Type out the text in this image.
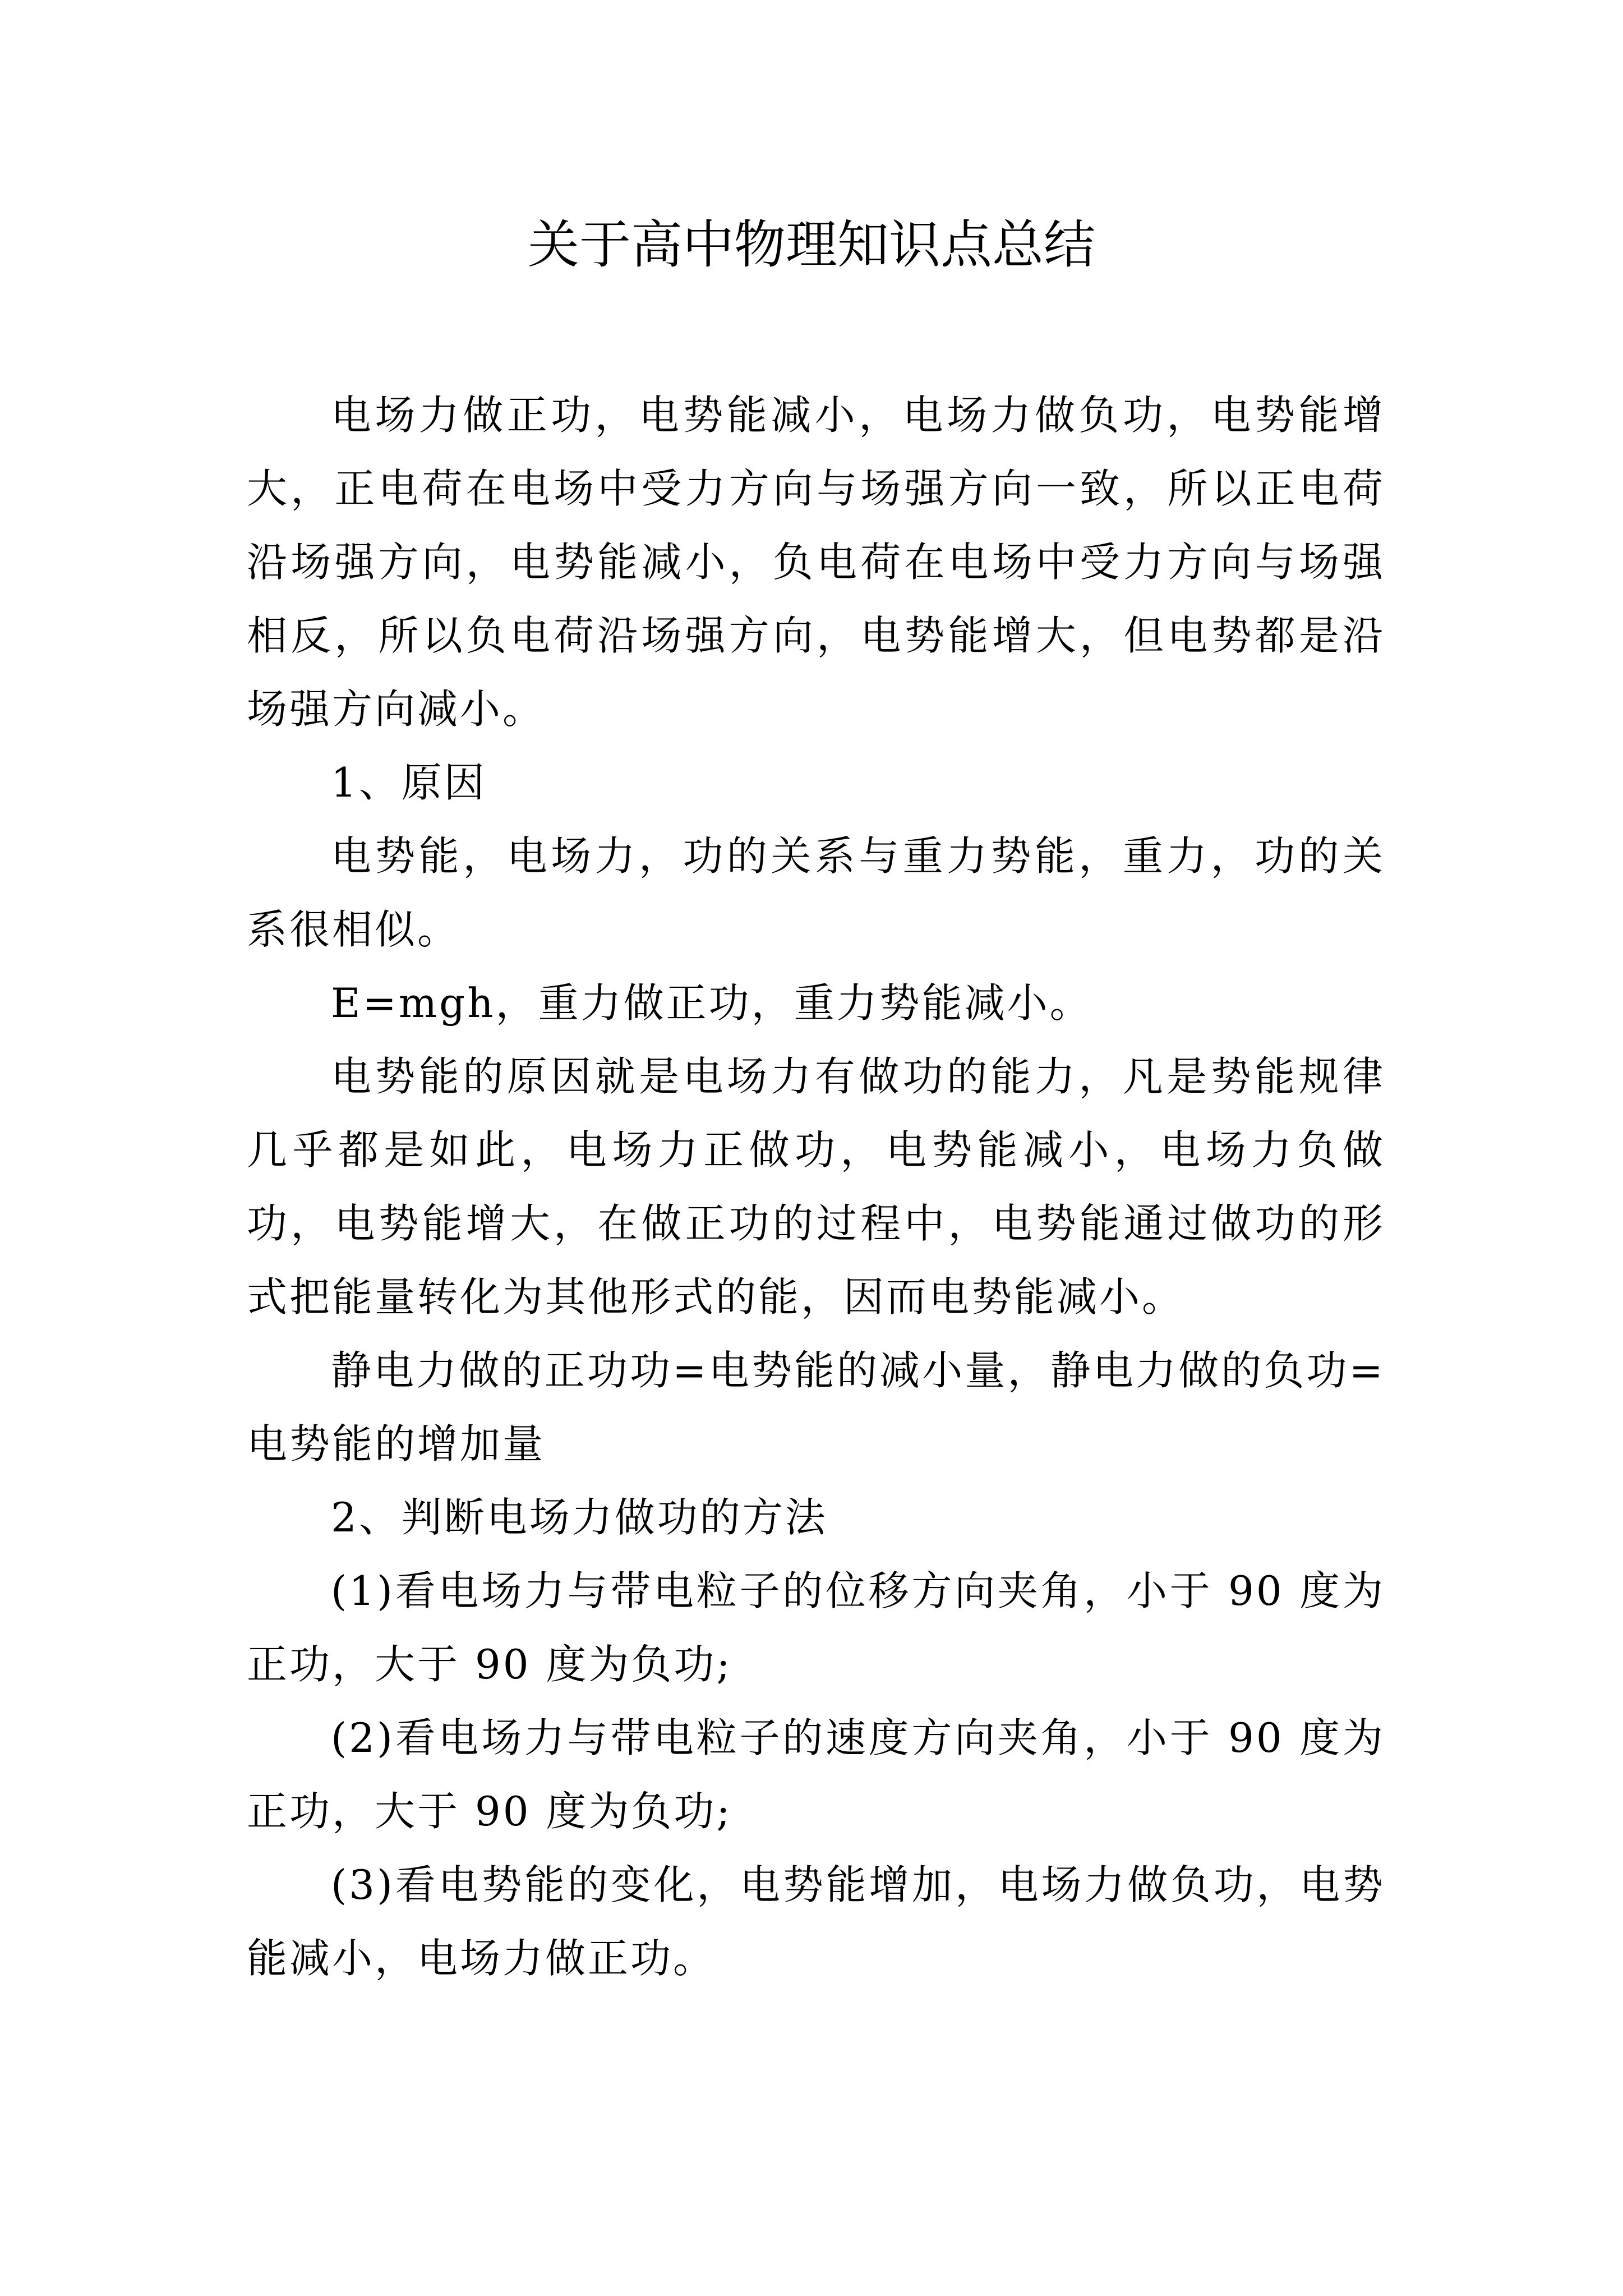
关于高中物理知识点总结

电场力做正功，电势能减小，电场力做负功，电势能增大，正电荷在电场中受力方向与场强方向一致，所以正电荷沿场强方向，电势能减小，负电荷在电场中受力方向与场强相反，所以负电荷沿场强方向，电势能增大，但电势都是沿场强方向减小。

1、原因

电势能，电场力，功的关系与重力势能，重力，功的关系很相似。

E=mgh，重力做正功，重力势能减小。

电势能的原因就是电场力有做功的能力，凡是势能规律几乎都是如此，电场力正做功，电势能减小，电场力负做功，电势能增大，在做正功的过程中，电势能通过做功的形式把能量转化为其他形式的能，因而电势能减小。

静电力做的正功功=电势能的减小量，静电力做的负功=电势能的增加量

2、判断电场力做功的方法

(1)看电场力与带电粒子的位移方向夹角，小于 90 度为正功，大于 90 度为负功;

(2)看电场力与带电粒子的速度方向夹角，小于 90 度为正功，大于 90 度为负功;

(3)看电势能的变化，电势能增加，电场力做负功，电势能减小，电场力做正功。
